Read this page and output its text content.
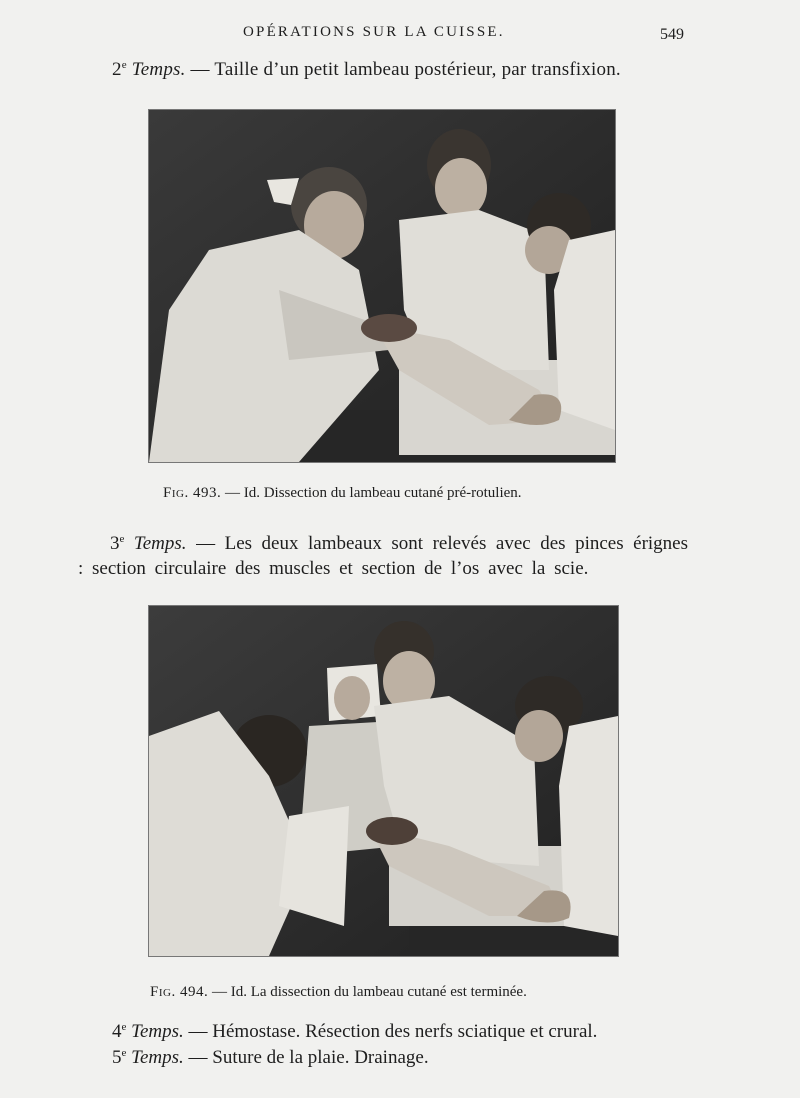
OPÉRATIONS SUR LA CUISSE.	549
2e Temps. — Taille d’un petit lambeau postérieur, par transfixion.
Fig. 493. — Id. Dissection du lambeau cutané pré-rotulien.
3e Temps. — Les deux lambeaux sont relevés avec des pinces érignes : section circulaire des muscles et section de l’os avec la scie.
Fig. 494. — Id. La dissection du lambeau cutané est terminée.
4e Temps. — Hémostase. Résection des nerfs sciatique et crural.
5e Temps. — Suture de la plaie. Drainage.
